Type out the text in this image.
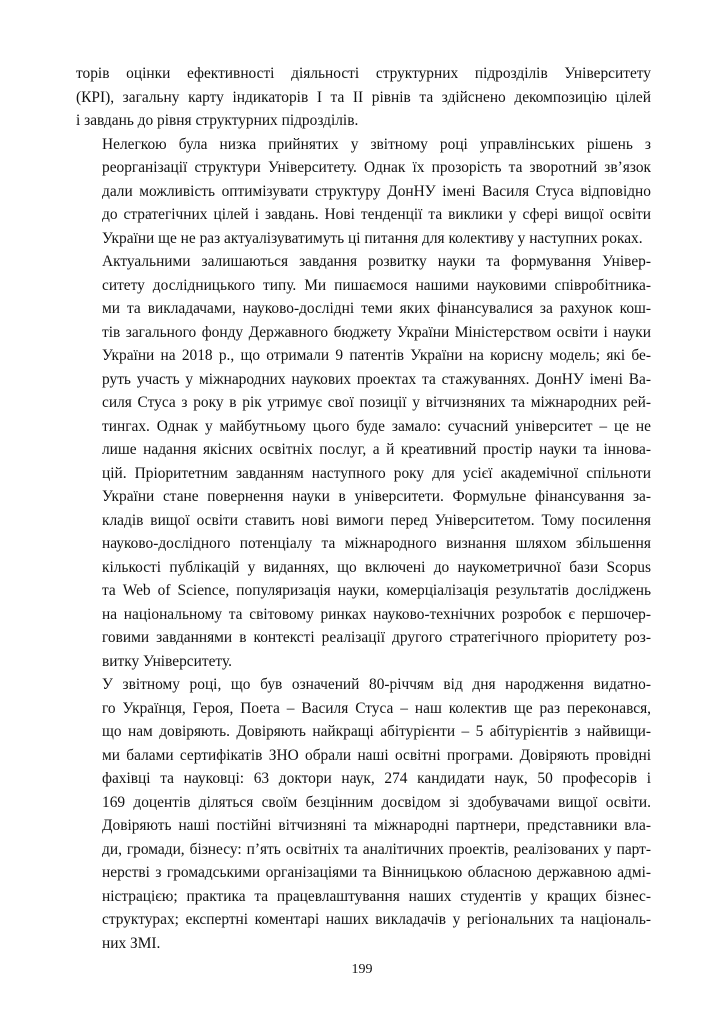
торів оцінки ефективності діяльності структурних підрозділів Університету
(КРІ), загальну карту індикаторів І та ІІ рівнів та здійснено декомпозицію цілей
і завдань до рівня структурних підрозділів.

Нелегкою була низка прийнятих у звітному році управлінських рішень з
реорганізації структури Університету. Однак їх прозорість та зворотний зв’язок
дали можливість оптимізувати структуру ДонНУ імені Василя Стуса відповідно
до стратегічних цілей і завдань. Нові тенденції та виклики у сфері вищої освіти
України ще не раз актуалізуватимуть ці питання для колективу у наступних роках.

Актуальними залишаються завдання розвитку науки та формування Універ-
ситету дослідницького типу. Ми пишаємося нашими науковими співробітника-
ми та викладачами, науково-дослідні теми яких фінансувалися за рахунок кош-
тів загального фонду Державного бюджету України Міністерством освіти і науки
України на 2018 р., що отримали 9 патентів України на корисну модель; які бе-
руть участь у міжнародних наукових проектах та стажуваннях. ДонНУ імені Ва-
силя Стуса з року в рік утримує свої позиції у вітчизняних та міжнародних рей-
тингах. Однак у майбутньому цього буде замало: сучасний університет – це не
лише надання якісних освітніх послуг, а й креативний простір науки та іннова-
цій. Пріоритетним завданням наступного року для усієї академічної спільноти
України стане повернення науки в університети. Формульне фінансування за-
кладів вищої освіти ставить нові вимоги перед Університетом. Тому посилення
науково-дослідного потенціалу та міжнародного визнання шляхом збільшення
кількості публікацій у виданнях, що включені до наукометричної бази Scopus
та Web of Science, популяризація науки, комерціалізація результатів досліджень
на національному та світовому ринках науково-технічних розробок є першочер-
говими завданнями в контексті реалізації другого стратегічного пріоритету роз-
витку Університету.

У звітному році, що був означений 80-річчям від дня народження видатно-
го Українця, Героя, Поета – Василя Стуса – наш колектив ще раз переконався,
що нам довіряють. Довіряють найкращі абітурієнти – 5 абітурієнтів з найвищи-
ми балами сертифікатів ЗНО обрали наші освітні програми. Довіряють провідні
фахівці та науковці: 63 доктори наук, 274 кандидати наук, 50 професорів і
169 доцентів діляться своїм безцінним досвідом зі здобувачами вищої освіти.
Довіряють наші постійні вітчизняні та міжнародні партнери, представники вла-
ди, громади, бізнесу: п’ять освітніх та аналітичних проектів, реалізованих у парт-
нерстві з громадськими організаціями та Вінницькою обласною державною адмі-
ністрацією; практика та працевлаштування наших студентів у кращих бізнес-
структурах; експертні коментарі наших викладачів у регіональних та національ-
них ЗМІ.

199
